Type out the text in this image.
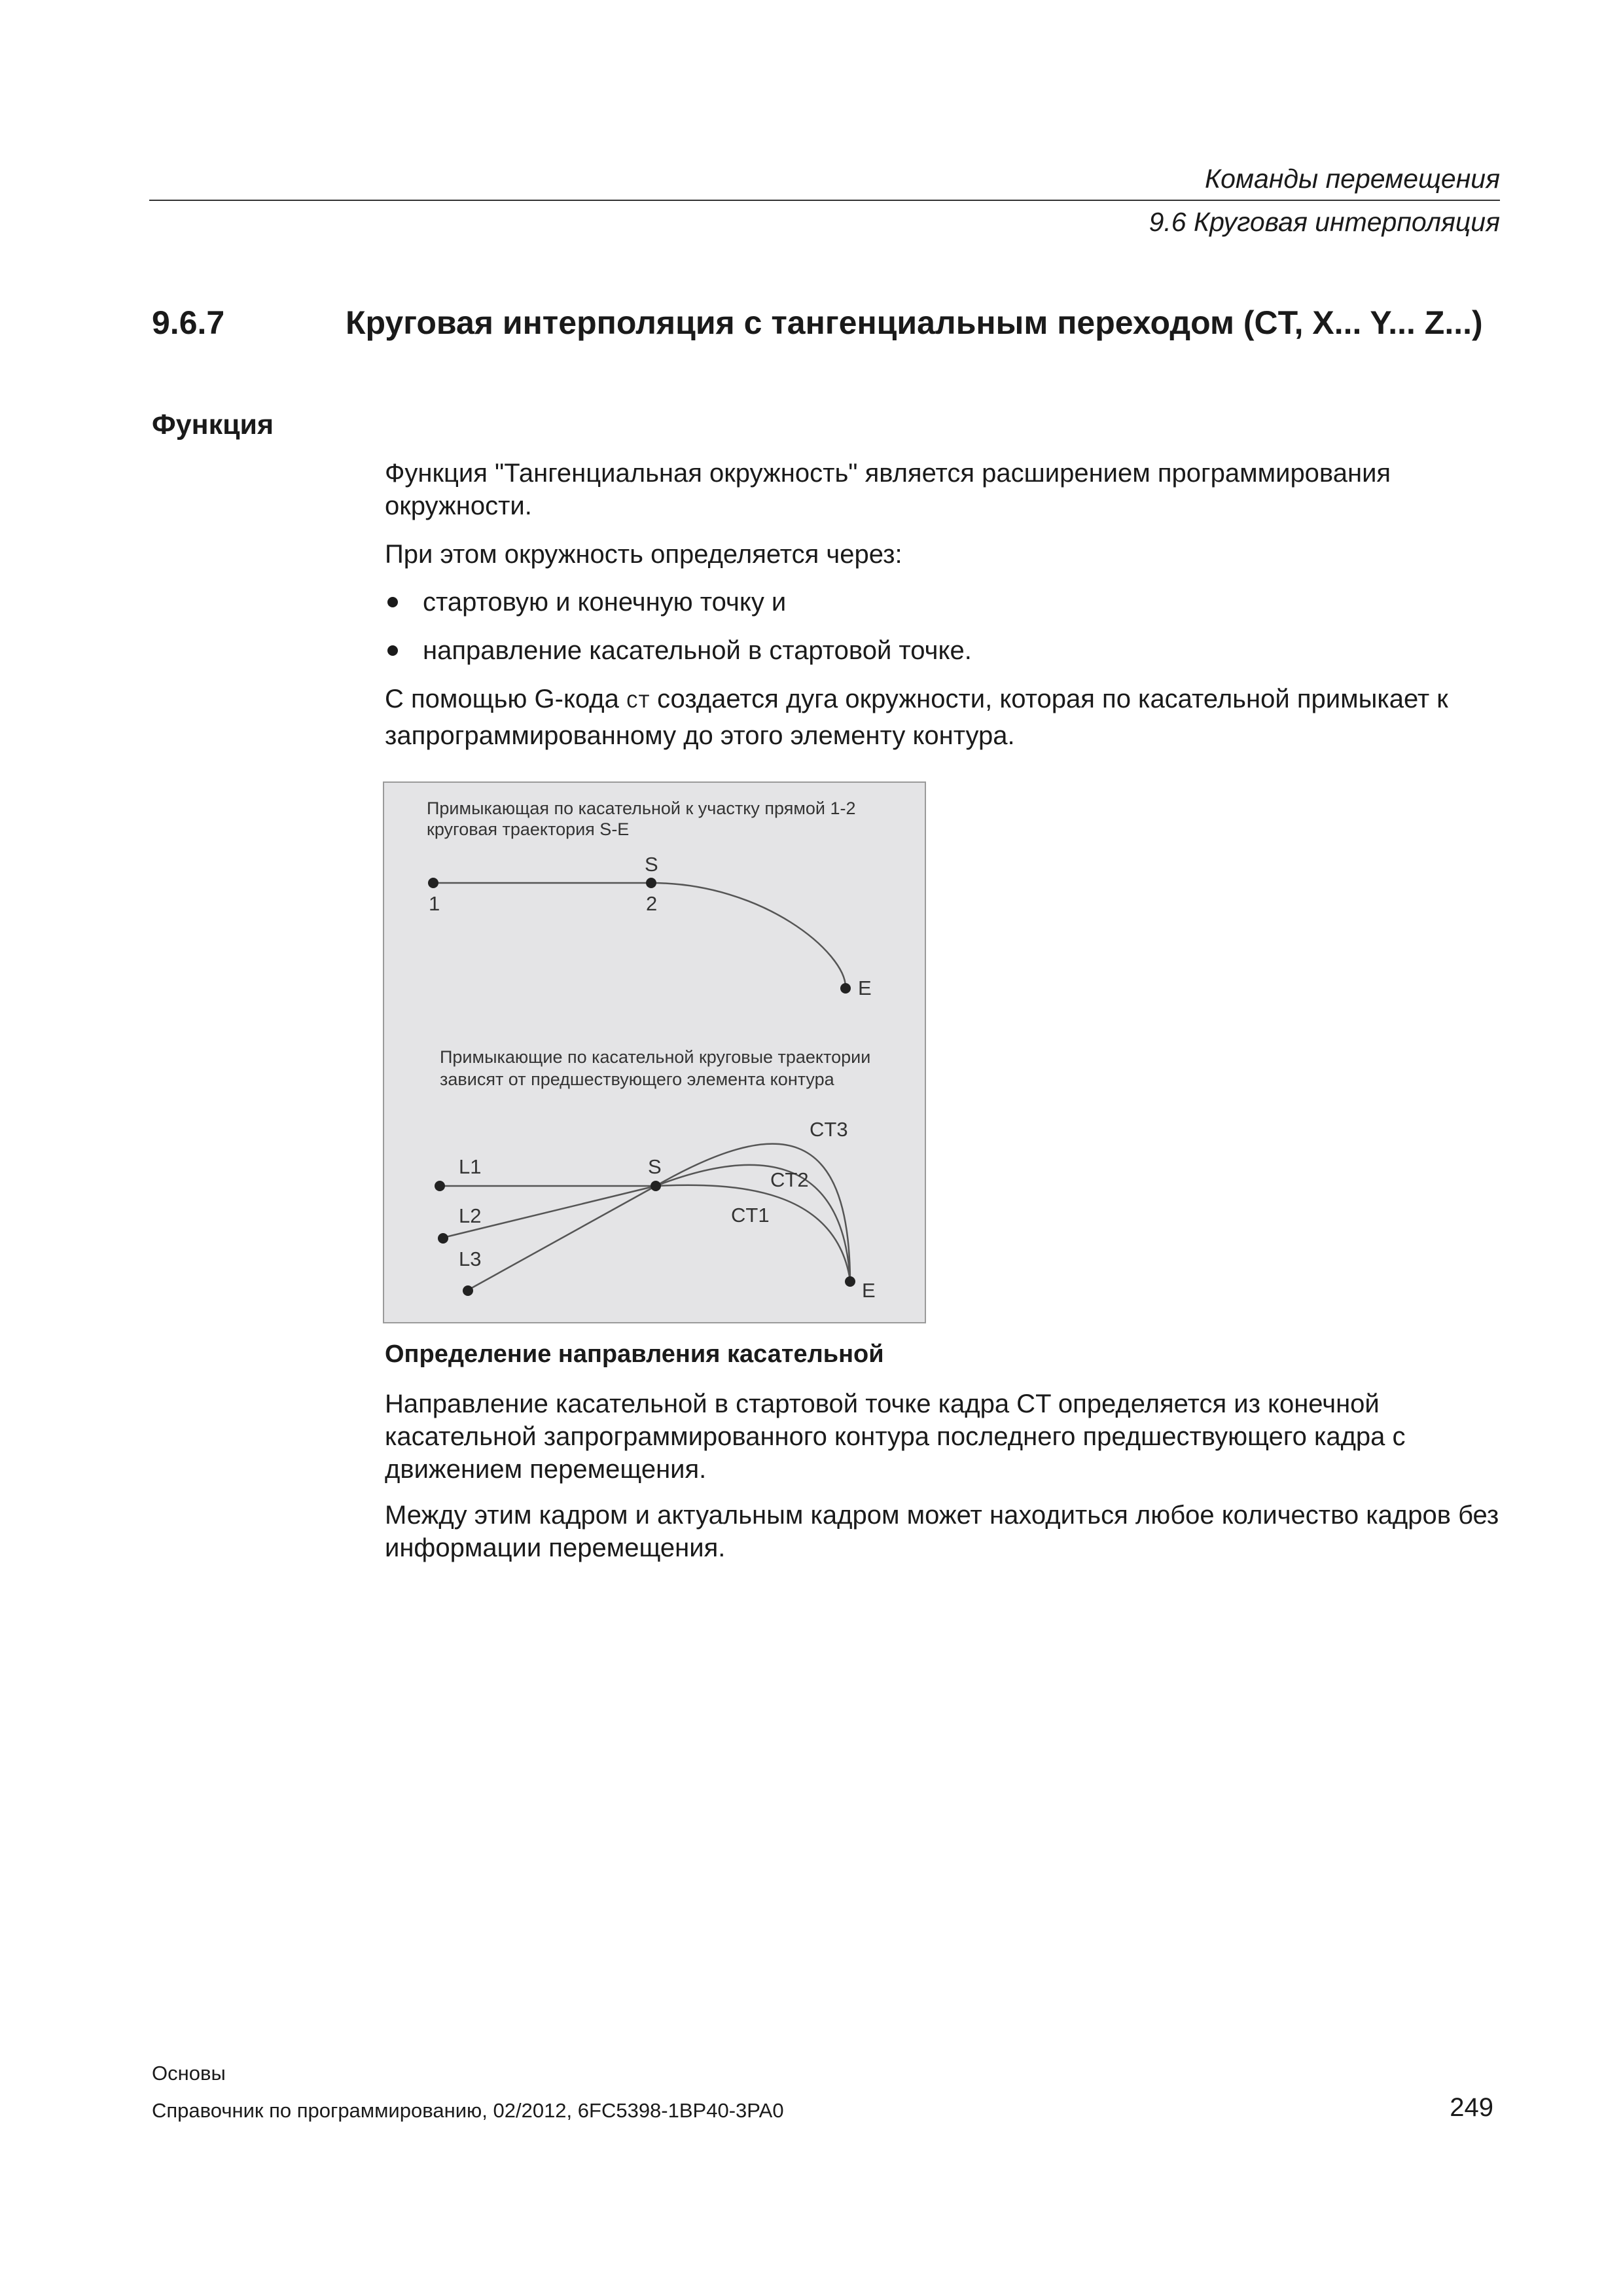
Команды перемещения
9.6 Круговая интерполяция
9.6.7	Круговая интерполяция с тангенциальным переходом (CT, X... Y... Z...)
Функция

Функция "Тангенциальная окружность" является расширением программирования окружности.

При этом окружность определяется через:

стартовую и конечную точку и
направление касательной в стартовой точке.

С помощью G-кода CT создается дуга окружности, которая по касательной примыкает к запрограммированному до этого элементу контура.

Примыкающая по касательной к участку прямой 1-2
круговая траектория S-E
S
1	2
E
Примыкающие по касательной круговые траектории
зависят от предшествующего элемента контура
L1
L2
L3
S
CT3
CT2
CT1
E
Определение направления касательной

Направление касательной в стартовой точке кадра CT определяется из конечной касательной запрограммированного контура последнего предшествующего кадра с движением перемещения.

Между этим кадром и актуальным кадром может находиться любое количество кадров без информации перемещения.

Основы
Справочник по программированию, 02/2012, 6FC5398-1BP40-3PA0	249
